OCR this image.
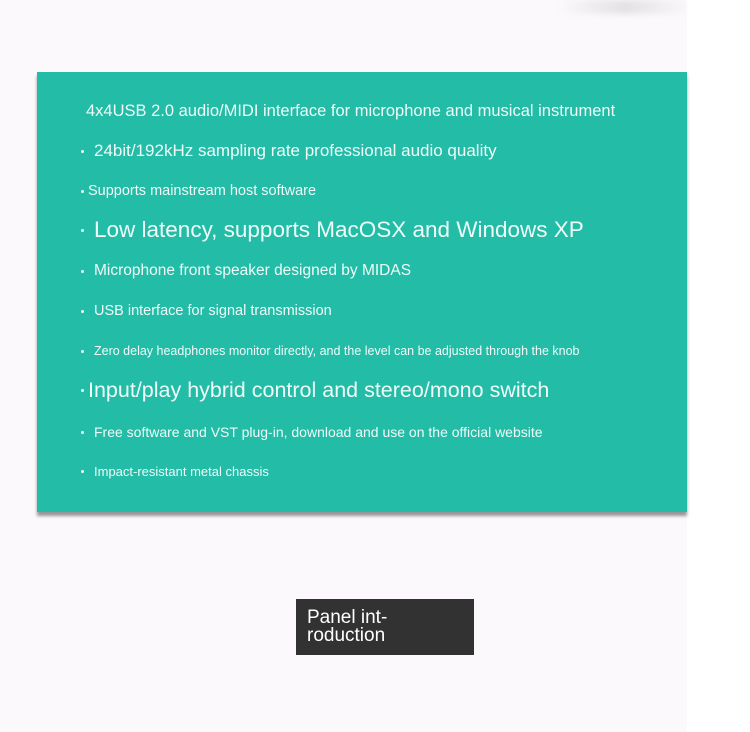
4x4USB 2.0 audio/MIDI interface for microphone and musical instrument
24bit/192kHz sampling rate professional audio quality
Supports mainstream host software
Low latency, supports MacOSX and Windows XP
Microphone front speaker designed by MIDAS
USB interface for signal transmission
Zero delay headphones monitor directly, and the level can be adjusted through the knob
Input/play hybrid control and stereo/mono switch
Free software and VST plug-in, download and use on the official website
Impact-resistant metal chassis
Panel int-
roduction
